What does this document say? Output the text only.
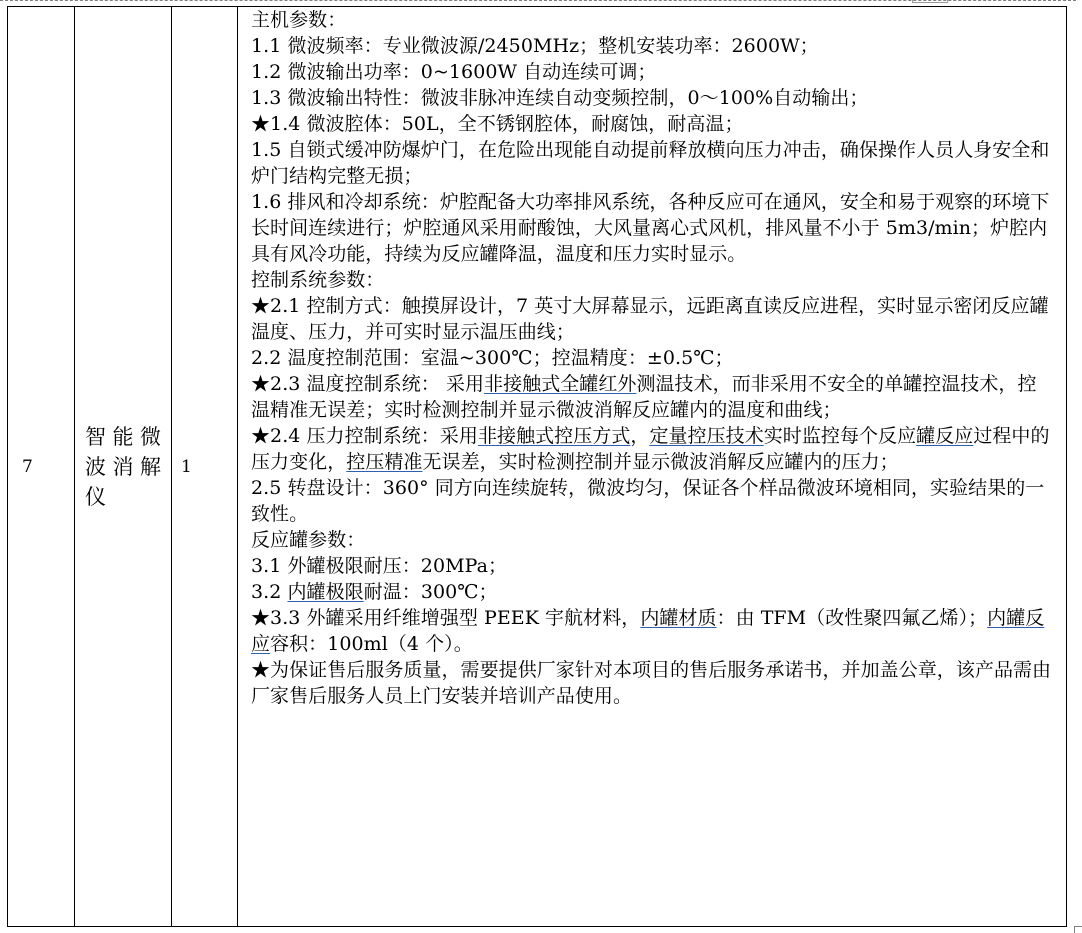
7	智能微波消解仪	1	

主机参数：

1.1 微波频率：专业微波源/2450MHz；整机安装功率：2600W；

1.2 微波输出功率：0~1600W 自动连续可调；

1.3 微波输出特性：微波非脉冲连续自动变频控制，0～100%自动输出；

★1.4 微波腔体：50L，全不锈钢腔体，耐腐蚀，耐高温；

1.5 自锁式缓冲防爆炉门，在危险出现能自动提前释放横向压力冲击，确保操作人员人身安全和炉门结构完整无损；

1.6 排风和冷却系统：炉腔配备大功率排风系统，各种反应可在通风，安全和易于观察的环境下长时间连续进行；炉腔通风采用耐酸蚀，大风量离心式风机，排风量不小于 5m3/min；炉腔内具有风冷功能，持续为反应罐降温，温度和压力实时显示。

控制系统参数：

★2.1 控制方式：触摸屏设计，7 英寸大屏幕显示，远距离直读反应进程，实时显示密闭反应罐温度、压力，并可实时显示温压曲线；

2.2 温度控制范围：室温~300℃；控温精度：±0.5℃；

★2.3 温度控制系统： 采用非接触式全罐红外测温技术，而非采用不安全的单罐控温技术，控温精准无误差；实时检测控制并显示微波消解反应罐内的温度和曲线；

★2.4 压力控制系统：采用非接触式控压方式，定量控压技术实时监控每个反应罐反应过程中的压力变化，控压精准无误差，实时检测控制并显示微波消解反应罐内的压力；

2.5 转盘设计：360° 同方向连续旋转，微波均匀，保证各个样品微波环境相同，实验结果的一致性。

反应罐参数：

3.1 外罐极限耐压：20MPa；

3.2 内罐极限耐温：300℃；

★3.3 外罐采用纤维增强型 PEEK 宇航材料，内罐材质：由 TFM（改性聚四氟乙烯）；内罐反应容积：100ml（4 个）。

★为保证售后服务质量，需要提供厂家针对本项目的售后服务承诺书，并加盖公章，该产品需由厂家售后服务人员上门安装并培训产品使用。
